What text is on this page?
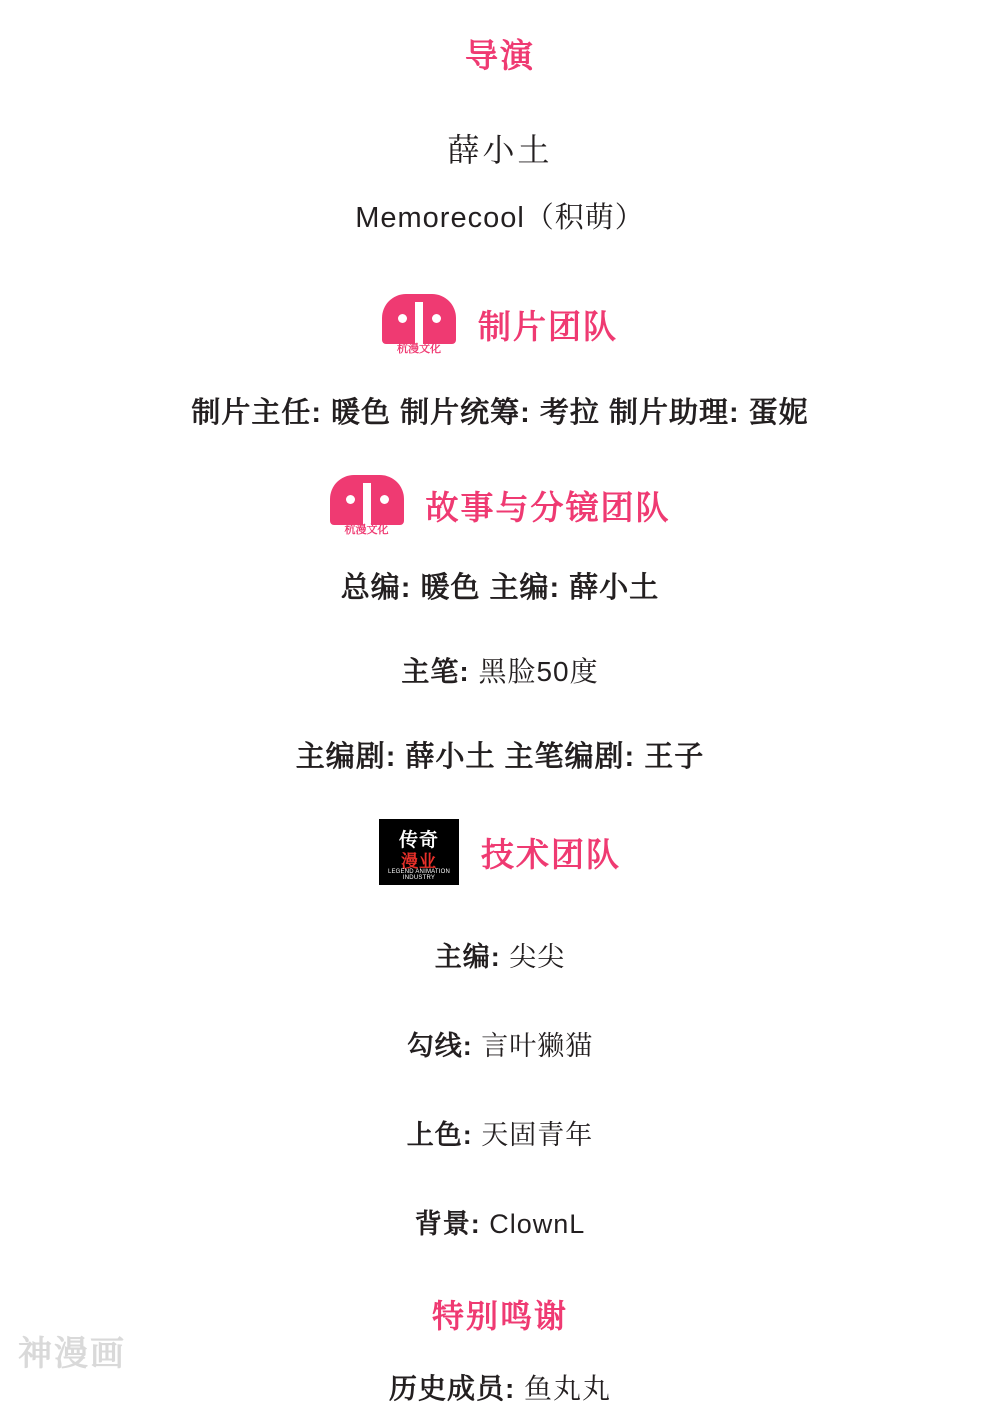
导演
薛小土
Memorecool（积萌）
杭漫文化
制片团队
制片主任: 暖色 制片统筹: 考拉 制片助理: 蛋妮
杭漫文化
故事与分镜团队
总编: 暖色 主编: 薛小土
主笔: 黑脸50度
主编剧: 薛小土 主笔编剧: 王子
传奇
漫业
LEGEND ANIMATION INDUSTRY
技术团队
主编: 尖尖
勾线: 言叶獭猫
上色: 天固青年
背景: ClownL
特别鸣谢
历史成员: 鱼丸丸
神漫画
